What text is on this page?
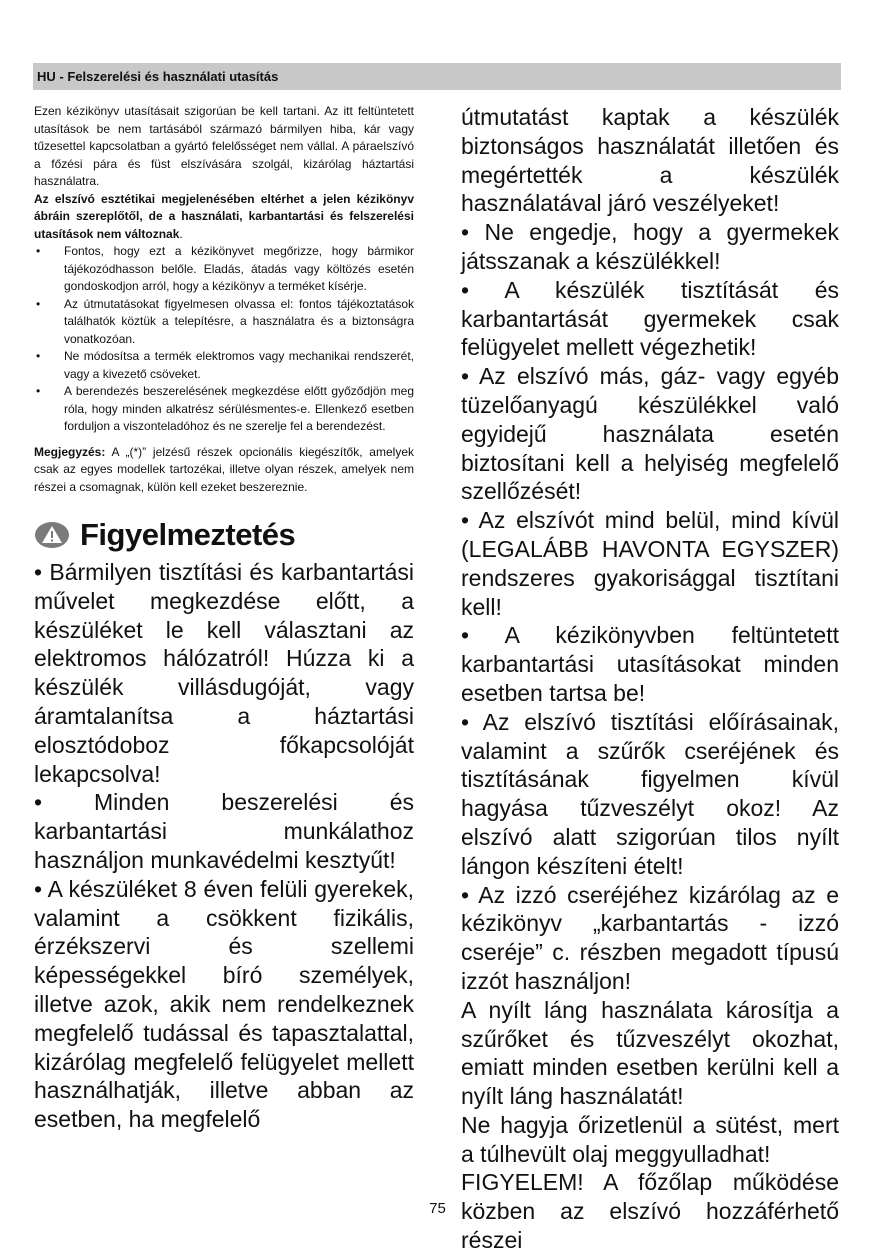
HU - Felszerelési és használati utasítás

Ezen kézikönyv utasításait szigorúan be kell tartani. Az itt feltüntetett utasítások be nem tartásából származó bármilyen hiba, kár vagy tűzesettel kapcsolatban a gyártó felelősséget nem vállal. A páraelszívó a főzési pára és füst elszívására szolgál, kizárólag háztartási használatra.

Az elszívó esztétikai megjelenésében eltérhet a jelen kézikönyv ábráin szereplőtől, de a használati, karbantartási és felszerelési utasítások nem változnak.

• Fontos, hogy ezt a kézikönyvet megőrizze, hogy bármikor tájékozódhasson belőle. Eladás, átadás vagy költözés esetén gondoskodjon arról, hogy a kézikönyv a terméket kísérje.
• Az útmutatásokat figyelmesen olvassa el: fontos tájékoztatások találhatók köztük a telepítésre, a használatra és a biztonságra vonatkozóan.
• Ne módosítsa a termék elektromos vagy mechanikai rendszerét, vagy a kivezető csöveket.
• A berendezés beszerelésének megkezdése előtt győződjön meg róla, hogy minden alkatrész sérülésmentes-e. Ellenkező esetben forduljon a viszonteladóhoz és ne szerelje fel a berendezést.

Megjegyzés: A „(*)” jelzésű részek opcionális kiegészítők, amelyek csak az egyes modellek tartozékai, illetve olyan részek, amelyek nem részei a csomagnak, külön kell ezeket beszereznie.

Figyelmeztetés

• Bármilyen tisztítási és karbantartási művelet megkezdése előtt, a készüléket le kell választani az elektromos hálózatról! Húzza ki a készülék villásdugóját, vagy áramtalanítsa a háztartási elosztódoboz főkapcsolóját lekapcsolva!

• Minden beszerelési és karbantartási munkálathoz használjon munkavédelmi kesztyűt!

• A készüléket 8 éven felüli gyerekek, valamint a csökkent fizikális, érzékszervi és szellemi képességekkel bíró személyek, illetve azok, akik nem rendelkeznek megfelelő tudással és tapasztalattal, kizárólag megfelelő felügyelet mellett használhatják, illetve abban az esetben, ha megfelelő

útmutatást kaptak a készülék biztonságos használatát illetően és megértették a készülék használatával járó veszélyeket!

• Ne engedje, hogy a gyermekek játsszanak a készülékkel!

• A készülék tisztítását és karbantartását gyermekek csak felügyelet mellett végezhetik!

• Az elszívó más, gáz- vagy egyéb tüzelőanyagú készülékkel való egyidejű használata esetén biztosítani kell a helyiség megfelelő szellőzését!

• Az elszívót mind belül, mind kívül (LEGALÁBB HAVONTA EGYSZER) rendszeres gyakorisággal tisztítani kell!

• A kézikönyvben feltüntetett karbantartási utasításokat minden esetben tartsa be!

• Az elszívó tisztítási előírásainak, valamint a szűrők cseréjének és tisztításának figyelmen kívül hagyása tűzveszélyt okoz! Az elszívó alatt szigorúan tilos nyílt lángon készíteni ételt!

• Az izzó cseréjéhez kizárólag az e kézikönyv „karbantartás - izzó cseréje” c. részben megadott típusú izzót használjon!

A nyílt láng használata károsítja a szűrőket és tűzveszélyt okozhat, emiatt minden esetben kerülni kell a nyílt láng használatát!

Ne hagyja őrizetlenül a sütést, mert a túlhevült olaj meggyulladhat!

FIGYELEM! A főzőlap működése közben az elszívó hozzáférhető részei

75
